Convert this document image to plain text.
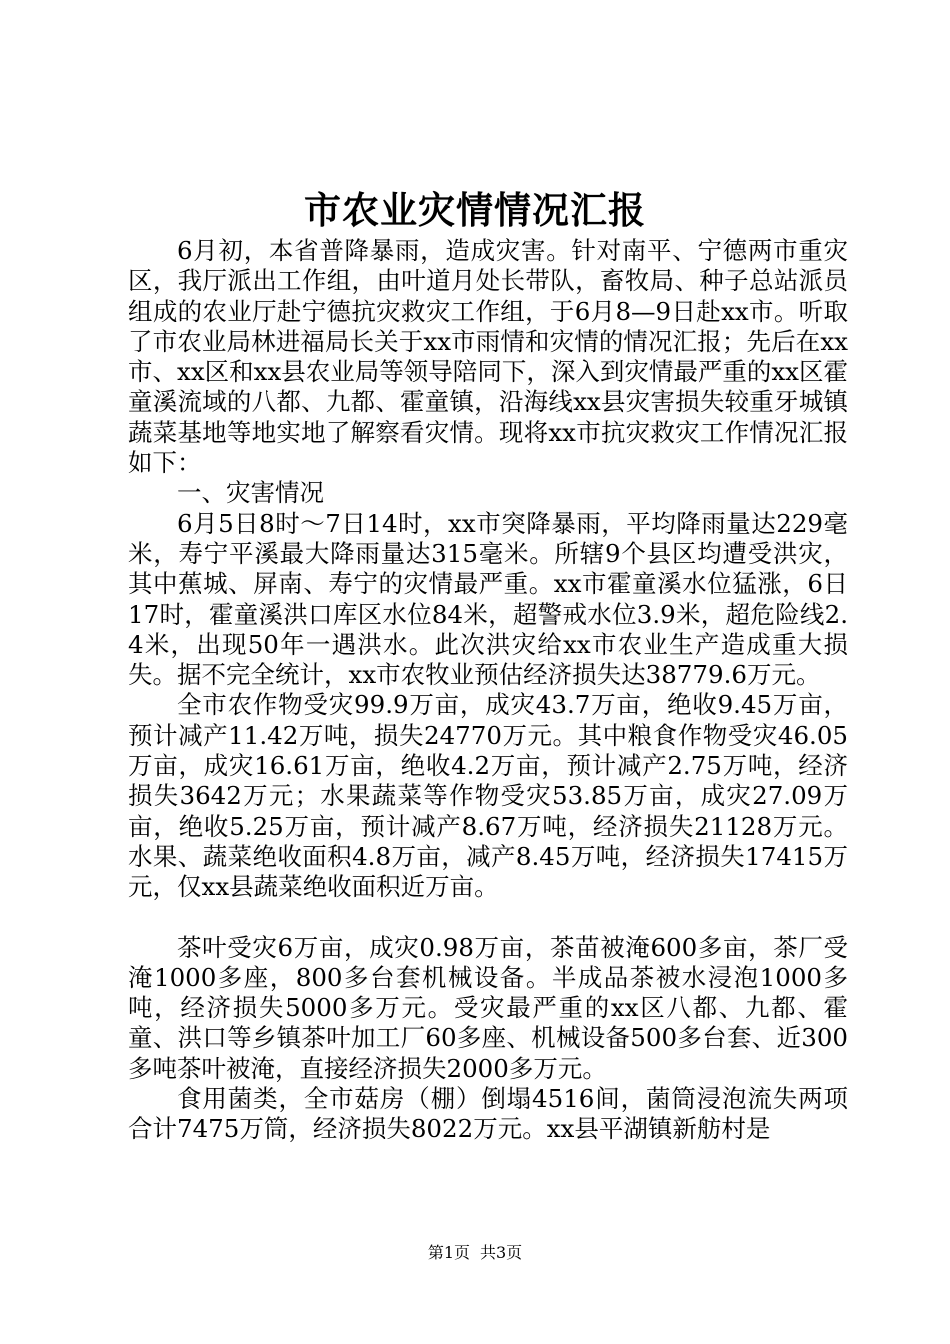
市农业灾情情况汇报

6月初，本省普降暴雨，造成灾害。针对南平、宁德两市重灾区，我厅派出工作组，由叶道月处长带队，畜牧局、种子总站派员组成的农业厅赴宁德抗灾救灾工作组，于6月8—9日赴xx市。听取了市农业局林进福局长关于xx市雨情和灾情的情况汇报；先后在xx市、xx区和xx县农业局等领导陪同下，深入到灾情最严重的xx区霍童溪流域的八都、九都、霍童镇，沿海线xx县灾害损失较重牙城镇蔬菜基地等地实地了解察看灾情。现将xx市抗灾救灾工作情况汇报如下：

一、灾害情况

6月5日8时～7日14时，xx市突降暴雨，平均降雨量达229毫米，寿宁平溪最大降雨量达315毫米。所辖9个县区均遭受洪灾，其中蕉城、屏南、寿宁的灾情最严重。xx市霍童溪水位猛涨，6日17时，霍童溪洪口库区水位84米，超警戒水位3.9米，超危险线2.4米，出现50年一遇洪水。此次洪灾给xx市农业生产造成重大损失。据不完全统计，xx市农牧业预估经济损失达38779.6万元。

全市农作物受灾99.9万亩，成灾43.7万亩，绝收9.45万亩，预计减产11.42万吨，损失24770万元。其中粮食作物受灾46.05万亩，成灾16.61万亩，绝收4.2万亩，预计减产2.75万吨，经济损失3642万元；水果蔬菜等作物受灾53.85万亩，成灾27.09万亩，绝收5.25万亩，预计减产8.67万吨，经济损失21128万元。水果、蔬菜绝收面积4.8万亩，减产8.45万吨，经济损失17415万元，仅xx县蔬菜绝收面积近万亩。

茶叶受灾6万亩，成灾0.98万亩，茶苗被淹600多亩，茶厂受淹1000多座，800多台套机械设备。半成品茶被水浸泡1000多吨，经济损失5000多万元。受灾最严重的xx区八都、九都、霍童、洪口等乡镇茶叶加工厂60多座、机械设备500多台套、近300多吨茶叶被淹，直接经济损失2000多万元。

食用菌类，全市菇房（棚）倒塌4516间，菌筒浸泡流失两项合计7475万筒，经济损失8022万元。xx县平湖镇新舫村是

第1页 共3页
